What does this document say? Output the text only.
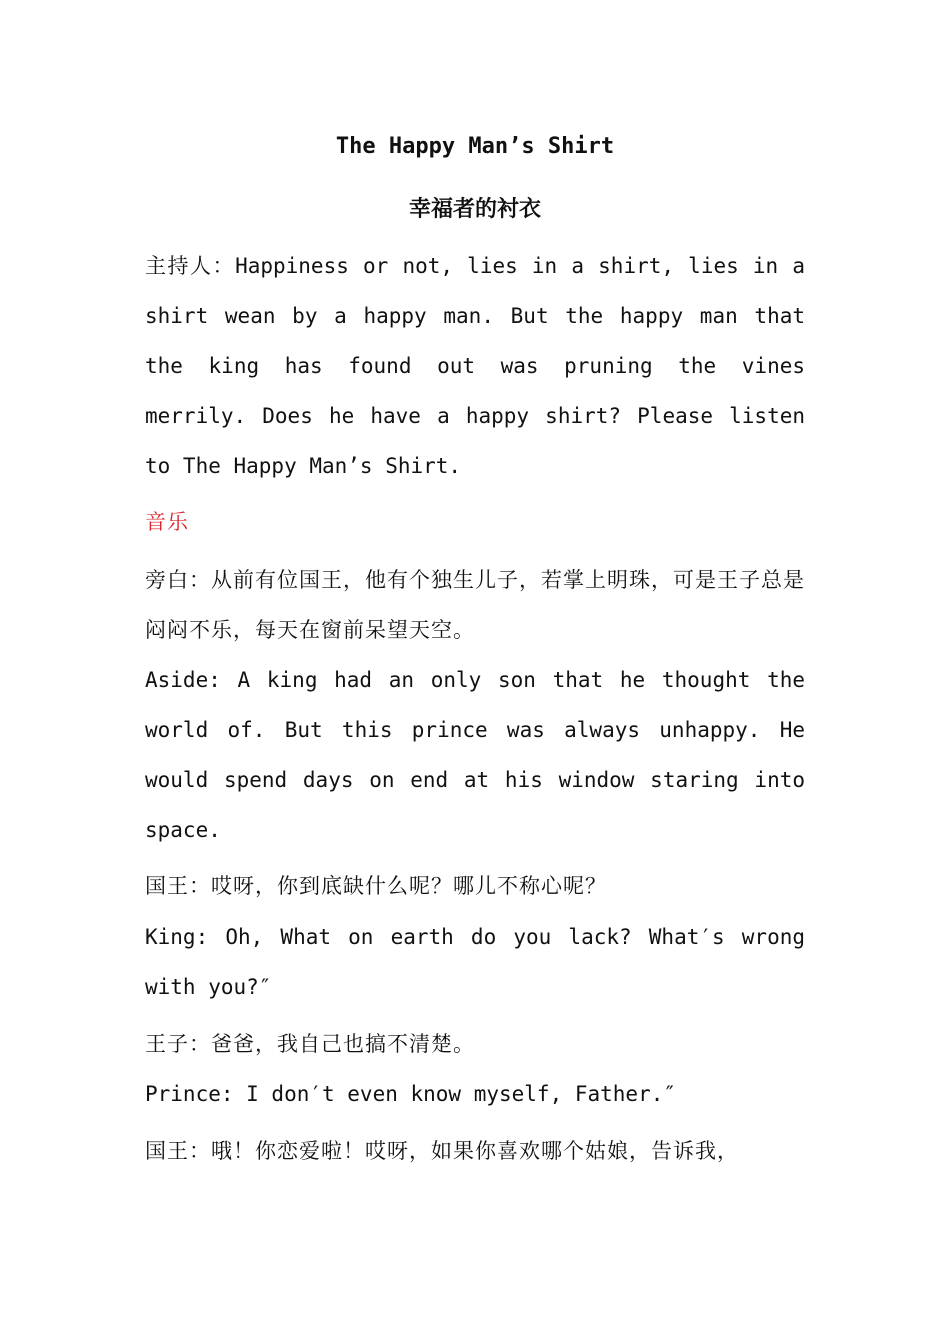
The Happy Man’s Shirt
幸福者的衬衣

主持人：Happiness or not, lies in a shirt, lies in a shirt wean by a happy man. But the happy man that the king has found out was pruning the vines merrily. Does he have a happy shirt? Please listen to The Happy Man’s Shirt.

音乐

旁白：从前有位国王，他有个独生儿子，若掌上明珠，可是王子总是闷闷不乐，每天在窗前呆望天空。

Aside: A king had an only son that he thought the world of. But this prince was always unhappy. He would spend days on end at his window staring into space.

国王：哎呀，你到底缺什么呢？哪儿不称心呢？

King: Oh, What on earth do you lack? What′s wrong with you?″

王子：爸爸，我自己也搞不清楚。

Prince: I don′t even know myself, Father.″

国王：哦！你恋爱啦！哎呀，如果你喜欢哪个姑娘，告诉我，
